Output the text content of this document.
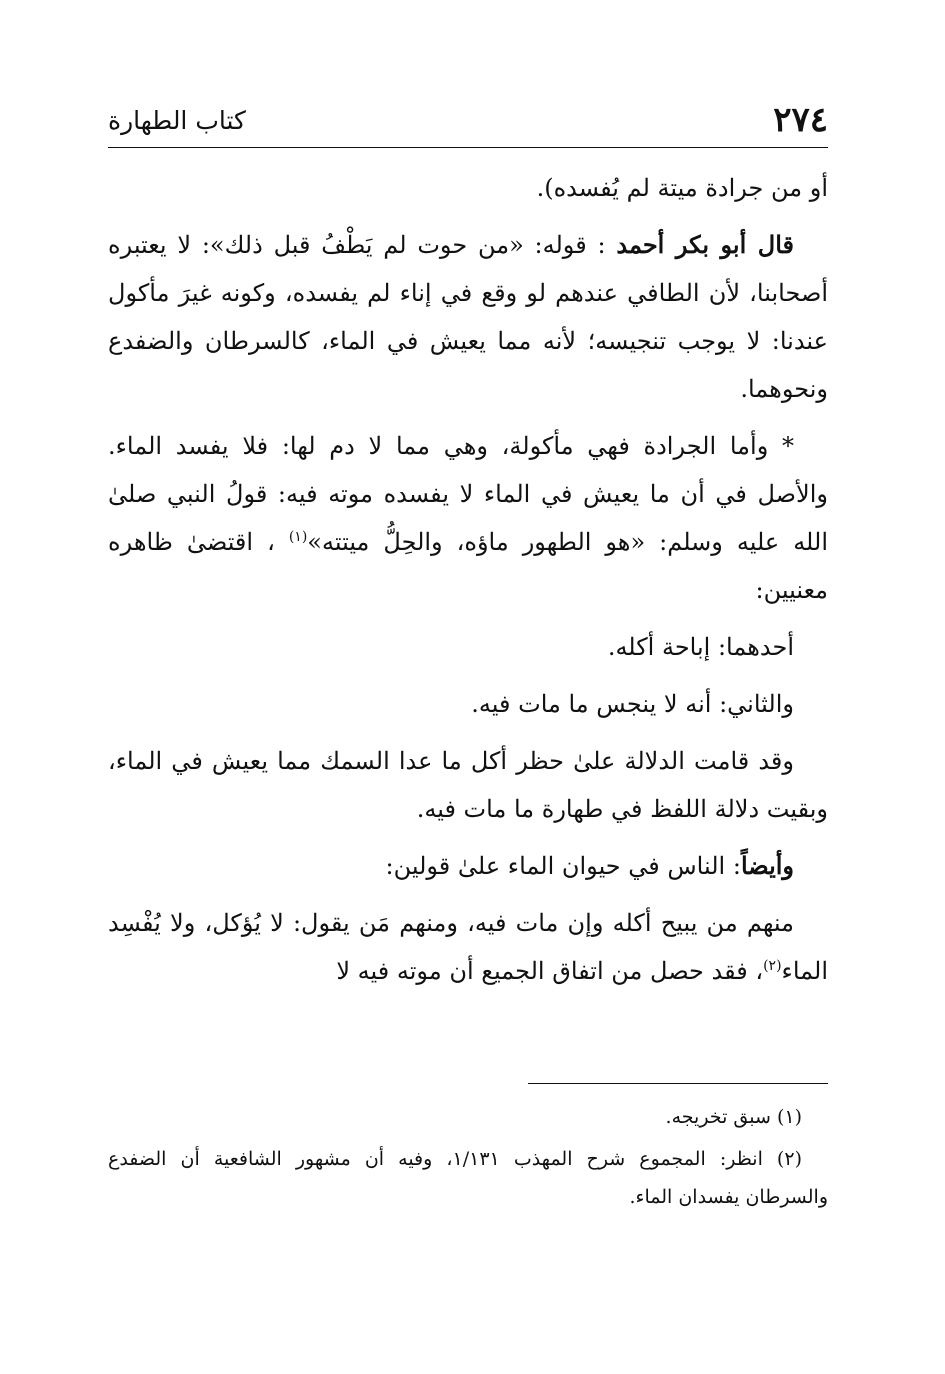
٢٧٤
كتاب الطهارة

أو من جرادة ميتة لم يُفسده).

قال أبو بكر أحمد : قوله: «من حوت لم يَطْفُ قبل ذلك»: لا يعتبره أصحابنا، لأن الطافي عندهم لو وقع في إناء لم يفسده، وكونه غيرَ مأكول عندنا: لا يوجب تنجيسه؛ لأنه مما يعيش في الماء، كالسرطان والضفدع ونحوهما.

* وأما الجرادة فهي مأكولة، وهي مما لا دم لها: فلا يفسد الماء. والأصل في أن ما يعيش في الماء لا يفسده موته فيه: قولُ النبي صلىٰ الله عليه وسلم: «هو الطهور ماؤه، والحِلُّ ميتته»$^{(١)}$ ، اقتضىٰ ظاهره معنيين:

أحدهما: إباحة أكله.

والثاني: أنه لا ينجس ما مات فيه.

وقد قامت الدلالة علىٰ حظر أكل ما عدا السمك مما يعيش في الماء، وبقيت دلالة اللفظ في طهارة ما مات فيه.

وأيضاً: الناس في حيوان الماء علىٰ قولين:

منهم من يبيح أكله وإن مات فيه، ومنهم مَن يقول: لا يُؤكل، ولا يُفْسِد الماء$^{(٢)}$، فقد حصل من اتفاق الجميع أن موته فيه لا

(١) سبق تخريجه.

(٢) انظر: المجموع شرح المهذب ١/١٣١، وفيه أن مشهور الشافعية أن الضفدع والسرطان يفسدان الماء.
